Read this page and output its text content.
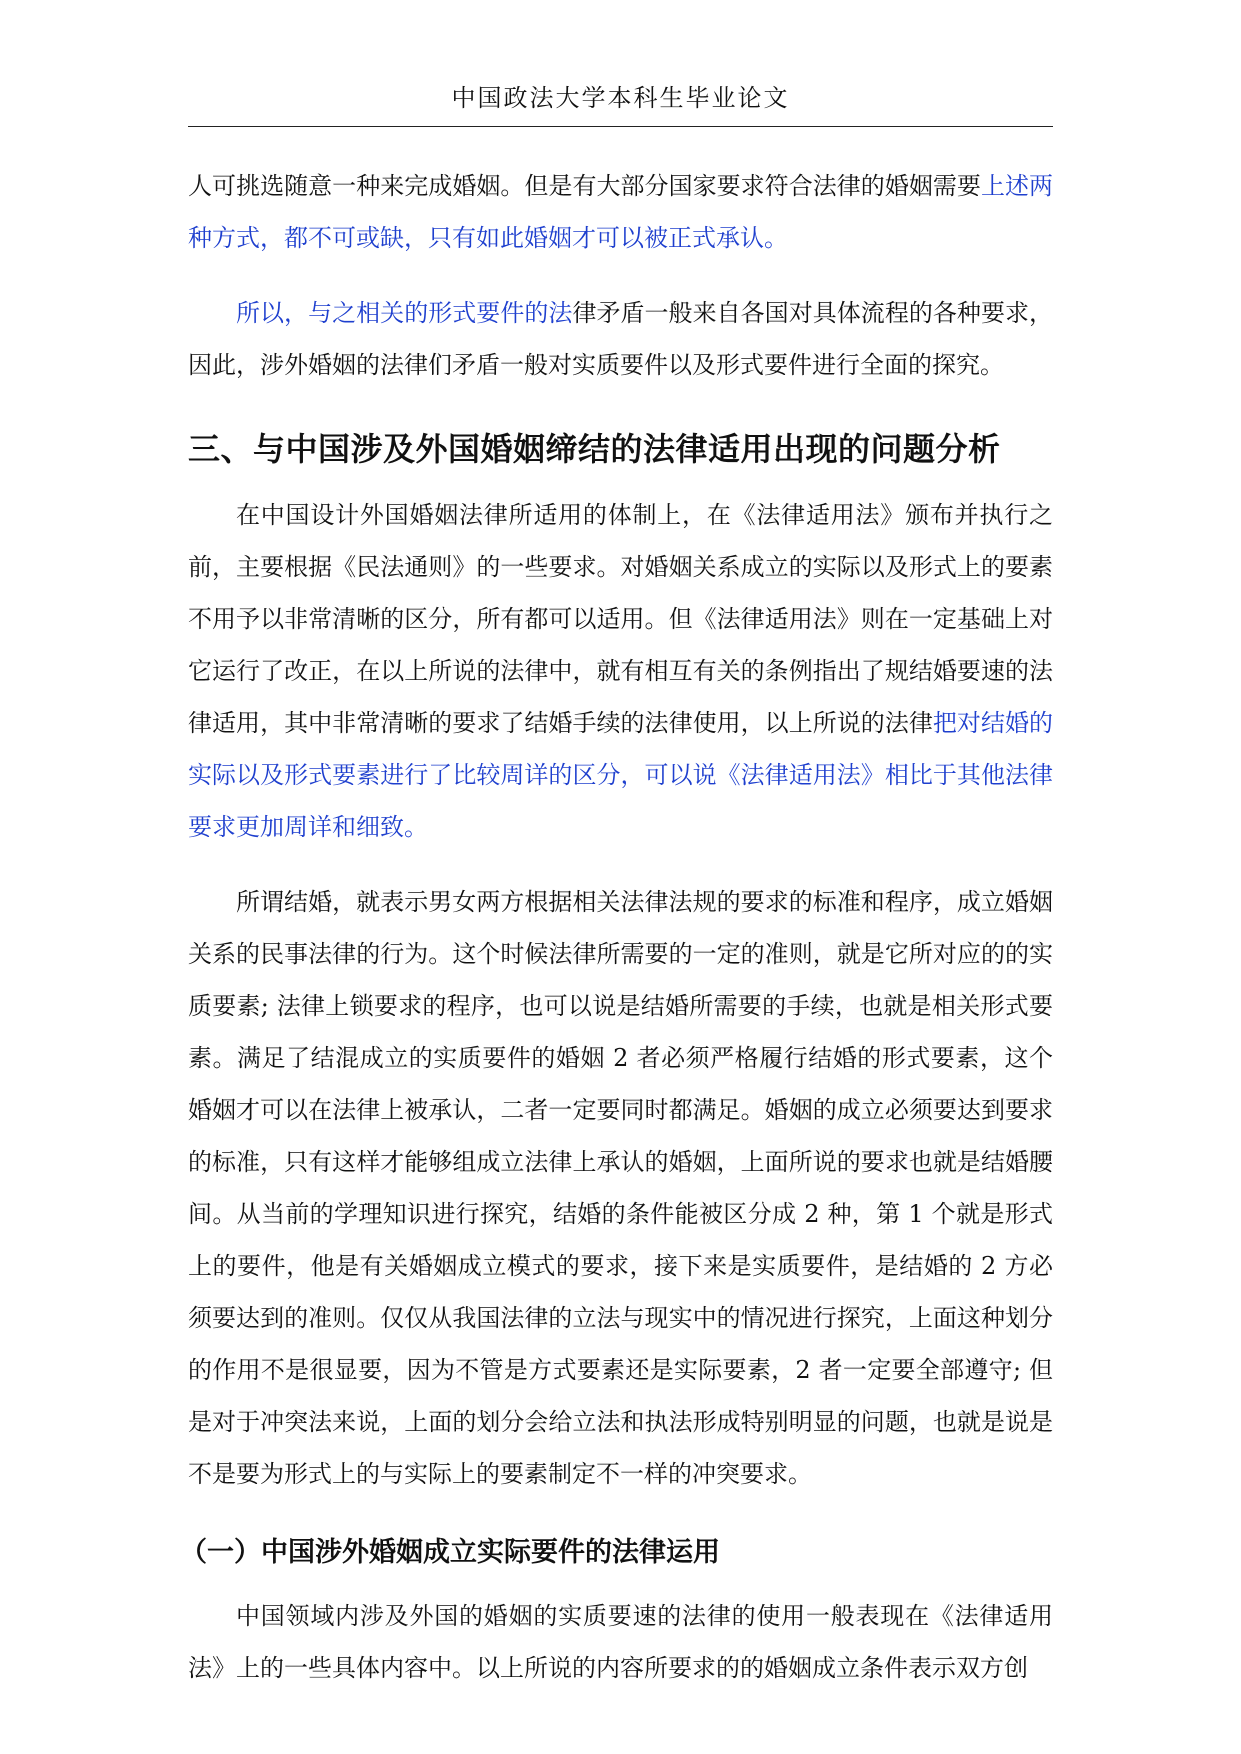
中国政法大学本科生毕业论文

人可挑选随意一种来完成婚姻。但是有大部分国家要求符合法律的婚姻需要上述两种方式，都不可或缺，只有如此婚姻才可以被正式承认。

所以，与之相关的形式要件的法律矛盾一般来自各国对具体流程的各种要求，因此，涉外婚姻的法律们矛盾一般对实质要件以及形式要件进行全面的探究。

三、与中国涉及外国婚姻缔结的法律适用出现的问题分析

在中国设计外国婚姻法律所适用的体制上，在《法律适用法》颁布并执行之前，主要根据《民法通则》的一些要求。对婚姻关系成立的实际以及形式上的要素不用予以非常清晰的区分，所有都可以适用。但《法律适用法》则在一定基础上对它运行了改正，在以上所说的法律中，就有相互有关的条例指出了规结婚要速的法律适用，其中非常清晰的要求了结婚手续的法律使用，以上所说的法律把对结婚的实际以及形式要素进行了比较周详的区分，可以说《法律适用法》相比于其他法律要求更加周详和细致。

所谓结婚，就表示男女两方根据相关法律法规的要求的标准和程序，成立婚姻关系的民事法律的行为。这个时候法律所需要的一定的准则，就是它所对应的的实质要素; 法律上锁要求的程序，也可以说是结婚所需要的手续，也就是相关形式要素。满足了结混成立的实质要件的婚姻 2 者必须严格履行结婚的形式要素，这个婚姻才可以在法律上被承认，二者一定要同时都满足。婚姻的成立必须要达到要求的标准，只有这样才能够组成立法律上承认的婚姻，上面所说的要求也就是结婚腰间。从当前的学理知识进行探究，结婚的条件能被区分成 2 种，第 1 个就是形式上的要件，他是有关婚姻成立模式的要求，接下来是实质要件，是结婚的 2 方必须要达到的准则。仅仅从我国法律的立法与现实中的情况进行探究，上面这种划分的作用不是很显要，因为不管是方式要素还是实际要素，2 者一定要全部遵守; 但是对于冲突法来说，上面的划分会给立法和执法形成特别明显的问题，也就是说是不是要为形式上的与实际上的要素制定不一样的冲突要求。

（一）中国涉外婚姻成立实际要件的法律运用

中国领域内涉及外国的婚姻的实质要速的法律的使用一般表现在《法律适用法》上的一些具体内容中。以上所说的内容所要求的的婚姻成立条件表示双方创
